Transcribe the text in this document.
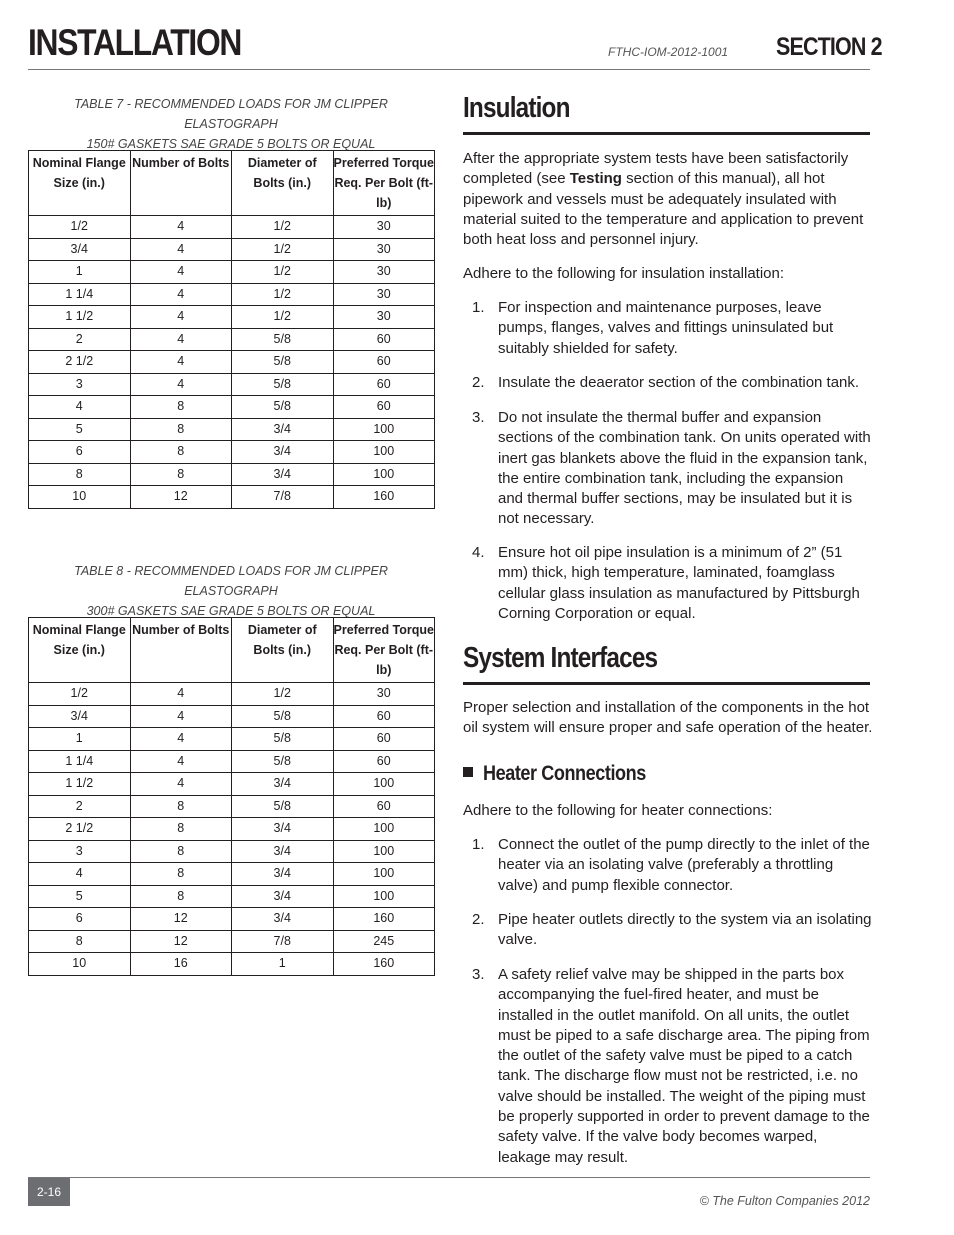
INSTALLATION	FTHC-IOM-2012-1001 SECTION 2
TABLE 7 - RECOMMENDED LOADS FOR JM CLIPPER ELASTOGRAPH
150# GASKETS SAE GRADE 5 BOLTS OR EQUAL
Nominal Flange Size (in.)	Number of Bolts	Diameter of Bolts (in.)	Preferred Torque Req. Per Bolt (ft-lb)
1/2	4	1/2	30
3/4	4	1/2	30
1	4	1/2	30
1 1/4	4	1/2	30
1 1/2	4	1/2	30
2	4	5/8	60
2 1/2	4	5/8	60
3	4	5/8	60
4	8	5/8	60
5	8	3/4	100
6	8	3/4	100
8	8	3/4	100
10	12	7/8	160
TABLE 8 - RECOMMENDED LOADS FOR JM CLIPPER ELASTOGRAPH
300# GASKETS SAE GRADE 5 BOLTS OR EQUAL
Nominal Flange Size (in.)	Number of Bolts	Diameter of Bolts (in.)	Preferred Torque Req. Per Bolt (ft-lb)
1/2	4	1/2	30
3/4	4	5/8	60
1	4	5/8	60
1 1/4	4	5/8	60
1 1/2	4	3/4	100
2	8	5/8	60
2 1/2	8	3/4	100
3	8	3/4	100
4	8	3/4	100
5	8	3/4	100
6	12	3/4	160
8	12	7/8	245
10	16	1	160
Insulation

After the appropriate system tests have been satisfactorily completed (see Testing section of this manual), all hot pipework and vessels must be adequately insulated with material suited to the temperature and application to prevent both heat loss and personnel injury.

Adhere to the following for insulation installation:

1. For inspection and maintenance purposes, leave pumps, flanges, valves and fittings uninsulated but suitably shielded for safety.
2. Insulate the deaerator section of the combination tank.
3. Do not insulate the thermal buffer and expansion sections of the combination tank. On units operated with inert gas blankets above the fluid in the expansion tank, the entire combination tank, including the expansion and thermal buffer sections, may be insulated but it is not necessary.
4. Ensure hot oil pipe insulation is a minimum of 2” (51 mm) thick, high temperature, laminated, foamglass cellular glass insulation as manufactured by Pittsburgh Corning Corporation or equal.
System Interfaces

Proper selection and installation of the components in the hot oil system will ensure proper and safe operation of the heater.

Heater Connections

Adhere to the following for heater connections:

1. Connect the outlet of the pump directly to the inlet of the heater via an isolating valve (preferably a throttling valve) and pump flexible connector.
2. Pipe heater outlets directly to the system via an isolating valve.
3. A safety relief valve may be shipped in the parts box accompanying the fuel-fired heater, and must be installed in the outlet manifold. On all units, the outlet must be piped to a safe discharge area. The piping from the outlet of the safety valve must be piped to a catch tank. The discharge flow must not be restricted, i.e. no valve should be installed. The weight of the piping must be properly supported in order to prevent damage to the safety valve. If the valve body becomes warped, leakage may result.
2-16
© The Fulton Companies 2012
